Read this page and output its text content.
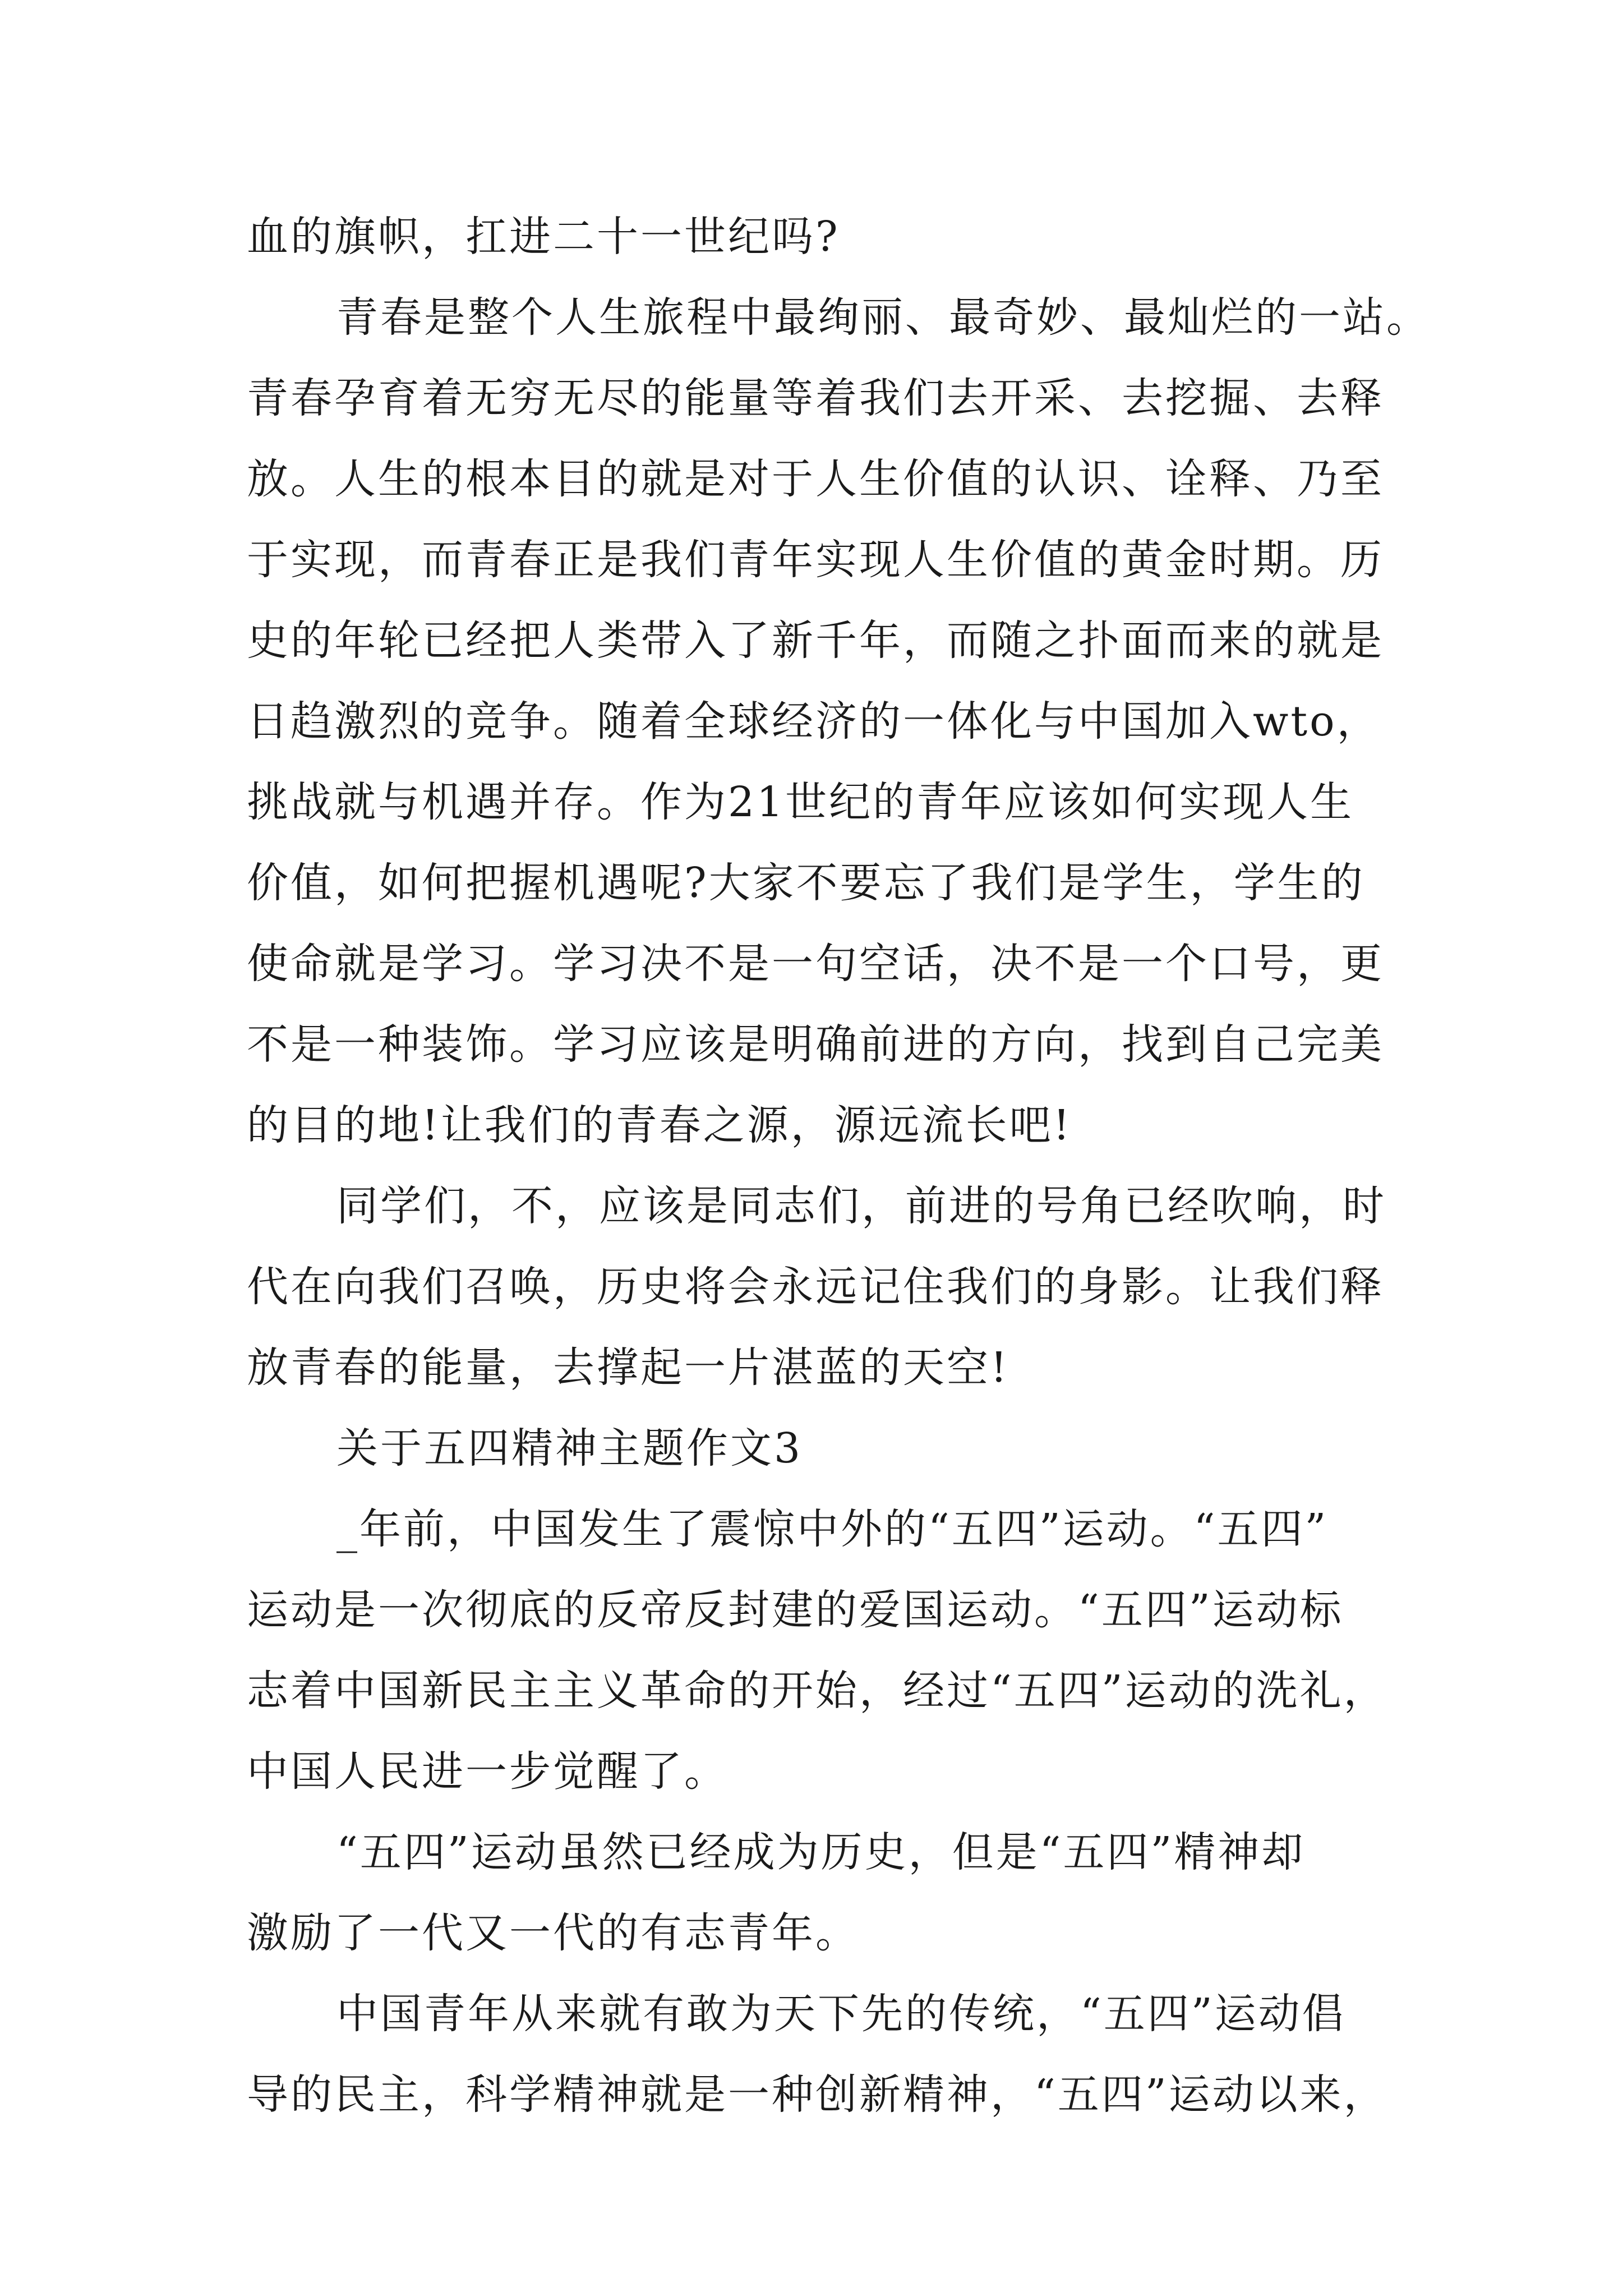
血的旗帜，扛进二十一世纪吗?
青春是整个人生旅程中最绚丽、最奇妙、最灿烂的一站。
青春孕育着无穷无尽的能量等着我们去开采、去挖掘、去释
放。人生的根本目的就是对于人生价值的认识、诠释、乃至
于实现，而青春正是我们青年实现人生价值的黄金时期。历
史的年轮已经把人类带入了新千年，而随之扑面而来的就是
日趋激烈的竞争。随着全球经济的一体化与中国加入wto，
挑战就与机遇并存。作为21世纪的青年应该如何实现人生
价值，如何把握机遇呢?大家不要忘了我们是学生，学生的
使命就是学习。学习决不是一句空话，决不是一个口号，更
不是一种装饰。学习应该是明确前进的方向，找到自己完美
的目的地!让我们的青春之源，源远流长吧!
同学们，不，应该是同志们，前进的号角已经吹响，时
代在向我们召唤，历史将会永远记住我们的身影。让我们释
放青春的能量，去撑起一片湛蓝的天空!
关于五四精神主题作文3
_年前，中国发生了震惊中外的“五四”运动。“五四”
运动是一次彻底的反帝反封建的爱国运动。“五四”运动标
志着中国新民主主义革命的开始，经过“五四”运动的洗礼，
中国人民进一步觉醒了。
“五四”运动虽然已经成为历史，但是“五四”精神却
激励了一代又一代的有志青年。
中国青年从来就有敢为天下先的传统，“五四”运动倡
导的民主，科学精神就是一种创新精神，“五四”运动以来，
